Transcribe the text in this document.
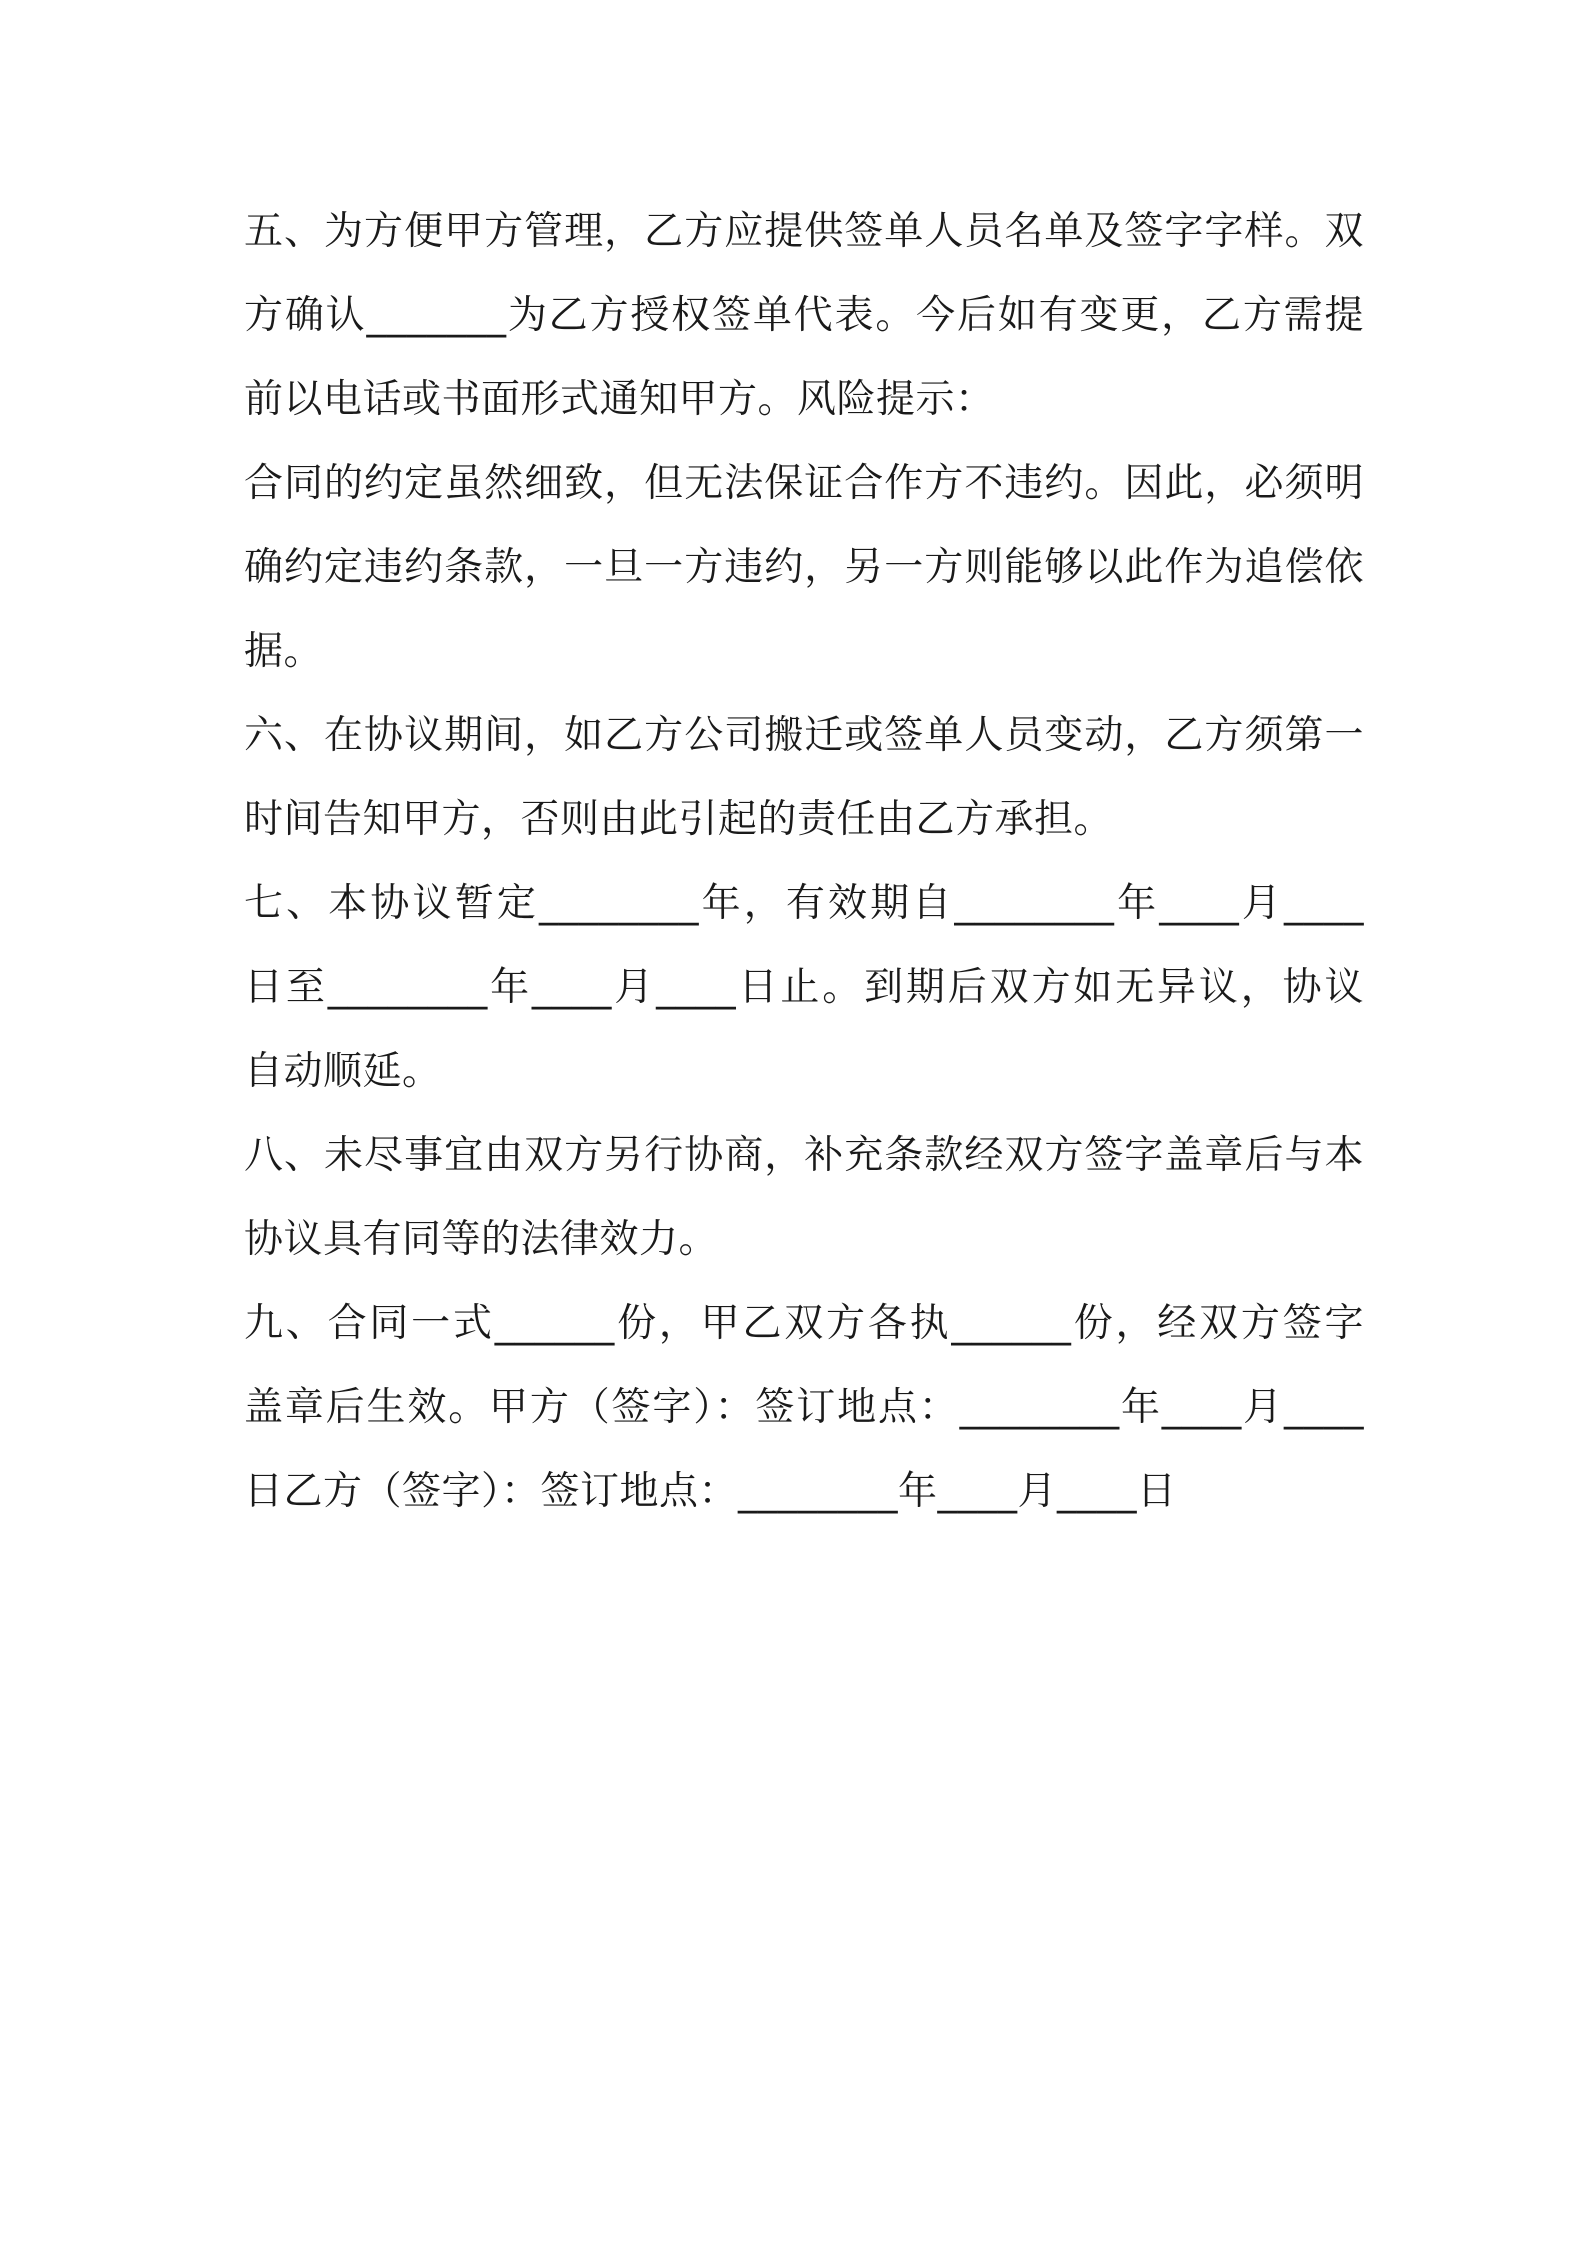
五、为方便甲方管理，乙方应提供签单人员名单及签字字样。双
方确认_______为乙方授权签单代表。今后如有变更，乙方需提
前以电话或书面形式通知甲方。风险提示：
合同的约定虽然细致，但无法保证合作方不违约。因此，必须明
确约定违约条款，一旦一方违约，另一方则能够以此作为追偿依
据。
六、在协议期间，如乙方公司搬迁或签单人员变动，乙方须第一
时间告知甲方，否则由此引起的责任由乙方承担。
七、本协议暂定________年，有效期自________年____月____
日至________年____月____日止。到期后双方如无异议，协议
自动顺延。
八、未尽事宜由双方另行协商，补充条款经双方签字盖章后与本
协议具有同等的法律效力。
九、合同一式______份，甲乙双方各执______份，经双方签字
盖章后生效。甲方（签字）：签订地点：________年____月____
日乙方（签字）：签订地点：________年____月____日
